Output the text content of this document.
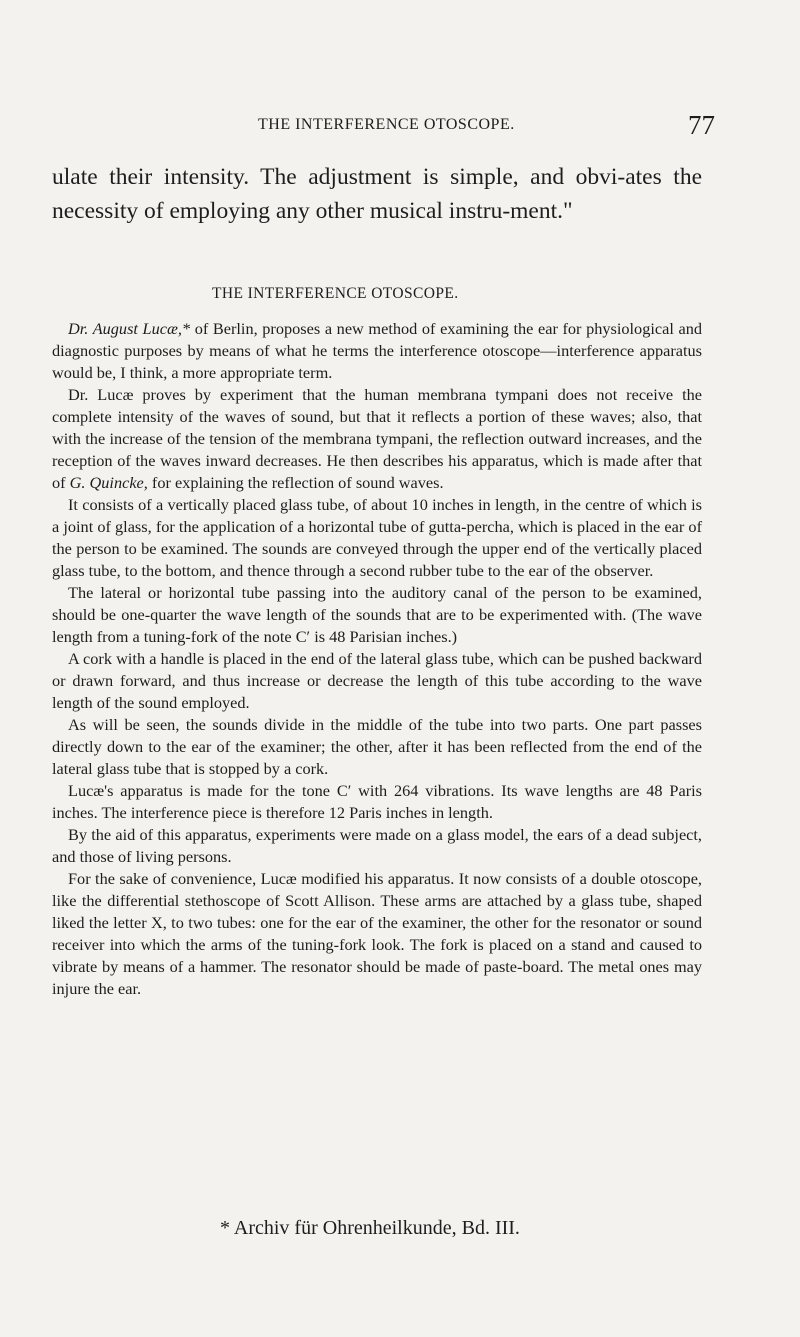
THE INTERFERENCE OTOSCOPE.	77

ulate their intensity. The adjustment is simple, and obvi-ates the necessity of employing any other musical instru-ment."

THE INTERFERENCE OTOSCOPE.

Dr. August Lucæ,* of Berlin, proposes a new method of examining the ear for physiological and diagnostic purposes by means of what he terms the interference otoscope—interference apparatus would be, I think, a more appropriate term.

Dr. Lucæ proves by experiment that the human membrana tympani does not receive the complete intensity of the waves of sound, but that it reflects a portion of these waves; also, that with the increase of the tension of the membrana tympani, the reflection outward increases, and the reception of the waves inward decreases. He then describes his apparatus, which is made after that of G. Quincke, for explaining the reflection of sound waves.

It consists of a vertically placed glass tube, of about 10 inches in length, in the centre of which is a joint of glass, for the application of a horizontal tube of gutta-percha, which is placed in the ear of the person to be examined. The sounds are conveyed through the upper end of the vertically placed glass tube, to the bottom, and thence through a second rubber tube to the ear of the observer.

The lateral or horizontal tube passing into the auditory canal of the person to be examined, should be one-quarter the wave length of the sounds that are to be experimented with. (The wave length from a tuning-fork of the note C′ is 48 Parisian inches.)

A cork with a handle is placed in the end of the lateral glass tube, which can be pushed backward or drawn forward, and thus increase or decrease the length of this tube according to the wave length of the sound employed.

As will be seen, the sounds divide in the middle of the tube into two parts. One part passes directly down to the ear of the examiner; the other, after it has been reflected from the end of the lateral glass tube that is stopped by a cork.

Lucæ's apparatus is made for the tone C′ with 264 vibrations. Its wave lengths are 48 Paris inches. The interference piece is therefore 12 Paris inches in length.

By the aid of this apparatus, experiments were made on a glass model, the ears of a dead subject, and those of living persons.

For the sake of convenience, Lucæ modified his apparatus. It now consists of a double otoscope, like the differential stethoscope of Scott Allison. These arms are attached by a glass tube, shaped liked the letter X, to two tubes: one for the ear of the examiner, the other for the resonator or sound receiver into which the arms of the tuning-fork look. The fork is placed on a stand and caused to vibrate by means of a hammer. The resonator should be made of paste-board. The metal ones may injure the ear.

* Archiv für Ohrenheilkunde, Bd. III.
